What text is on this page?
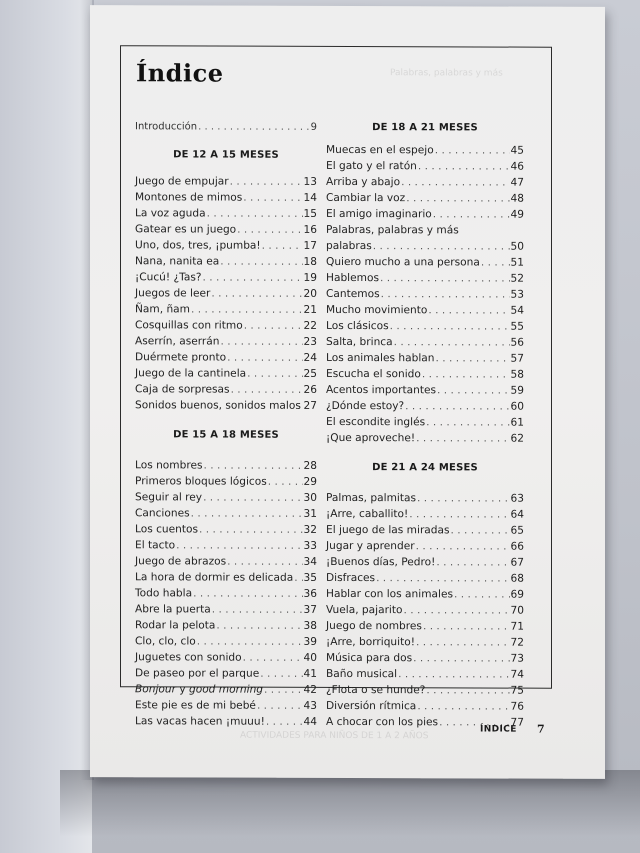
Palabras, palabras y más
ACTIVIDADES PARA NIÑOS DE 1 A 2 AÑOS
Índice
Introducción . . .	9
DE 12 A 15 MESES
Juego de empujar . . .	13
Montones de mimos . . .	14
La voz aguda . . .	15
Gatear es un juego . . .	16
Uno, dos, tres, ¡pumba! . . .	17
Nana, nanita ea . . .	18
¡Cucú! ¿Tas? . . .	19
Juegos de leer . . .	20
Ñam, ñam . . .	21
Cosquillas con ritmo . . .	22
Aserrín, aserrán . . .	23
Duérmete pronto . . .	24
Juego de la cantinela . . .	25
Caja de sorpresas . . .	26
Sonidos buenos, sonidos malos . . . 27
DE 15 A 18 MESES
Los nombres . . .	28
Primeros bloques lógicos . . .	29
Seguir al rey . . .	30
Canciones . . .	31
Los cuentos . . .	32
El tacto . . .	33
Juego de abrazos . . .	34
La hora de dormir es delicada . . . 35
Todo habla . . .	36
Abre la puerta . . .	37
Rodar la pelota . . .	38
Clo, clo, clo . . .	39
Juguetes con sonido . . .	40
De paseo por el parque . . .	41
Bonjour y good morning . . .	42
Este pie es de mi bebé . . .	43
Las vacas hacen ¡muuu! . . .	44
DE 18 A 21 MESES
Muecas en el espejo . . .	45
El gato y el ratón . . .	46
Arriba y abajo . . .	47
Cambiar la voz . . .	48
El amigo imaginario . . .	49
Palabras, palabras y más
palabras . . .	50
Quiero mucho a una persona . . .	51
Hablemos . . .	52
Cantemos . . .	53
Mucho movimiento . . .	54
Los clásicos . . .	55
Salta, brinca . . .	56
Los animales hablan . . .	57
Escucha el sonido . . .	58
Acentos importantes . . .	59
¿Dónde estoy? . . .	60
El escondite inglés . . .	61
¡Que aproveche! . . .	62
DE 21 A 24 MESES
Palmas, palmitas . . .	63
¡Arre, caballito! . . .	64
El juego de las miradas . . .	65
Jugar y aprender . . .	66
¡Buenos días, Pedro! . . .	67
Disfraces . . .	68
Hablar con los animales . . .	69
Vuela, pajarito . . .	70
Juego de nombres . . .	71
¡Arre, borriquito! . . .	72
Música para dos . . .	73
Baño musical . . .	74
¿Flota o se hunde? . . .	75
Diversión rítmica . . .	76
A chocar con los pies . . .	77
ÍNDICE 7
